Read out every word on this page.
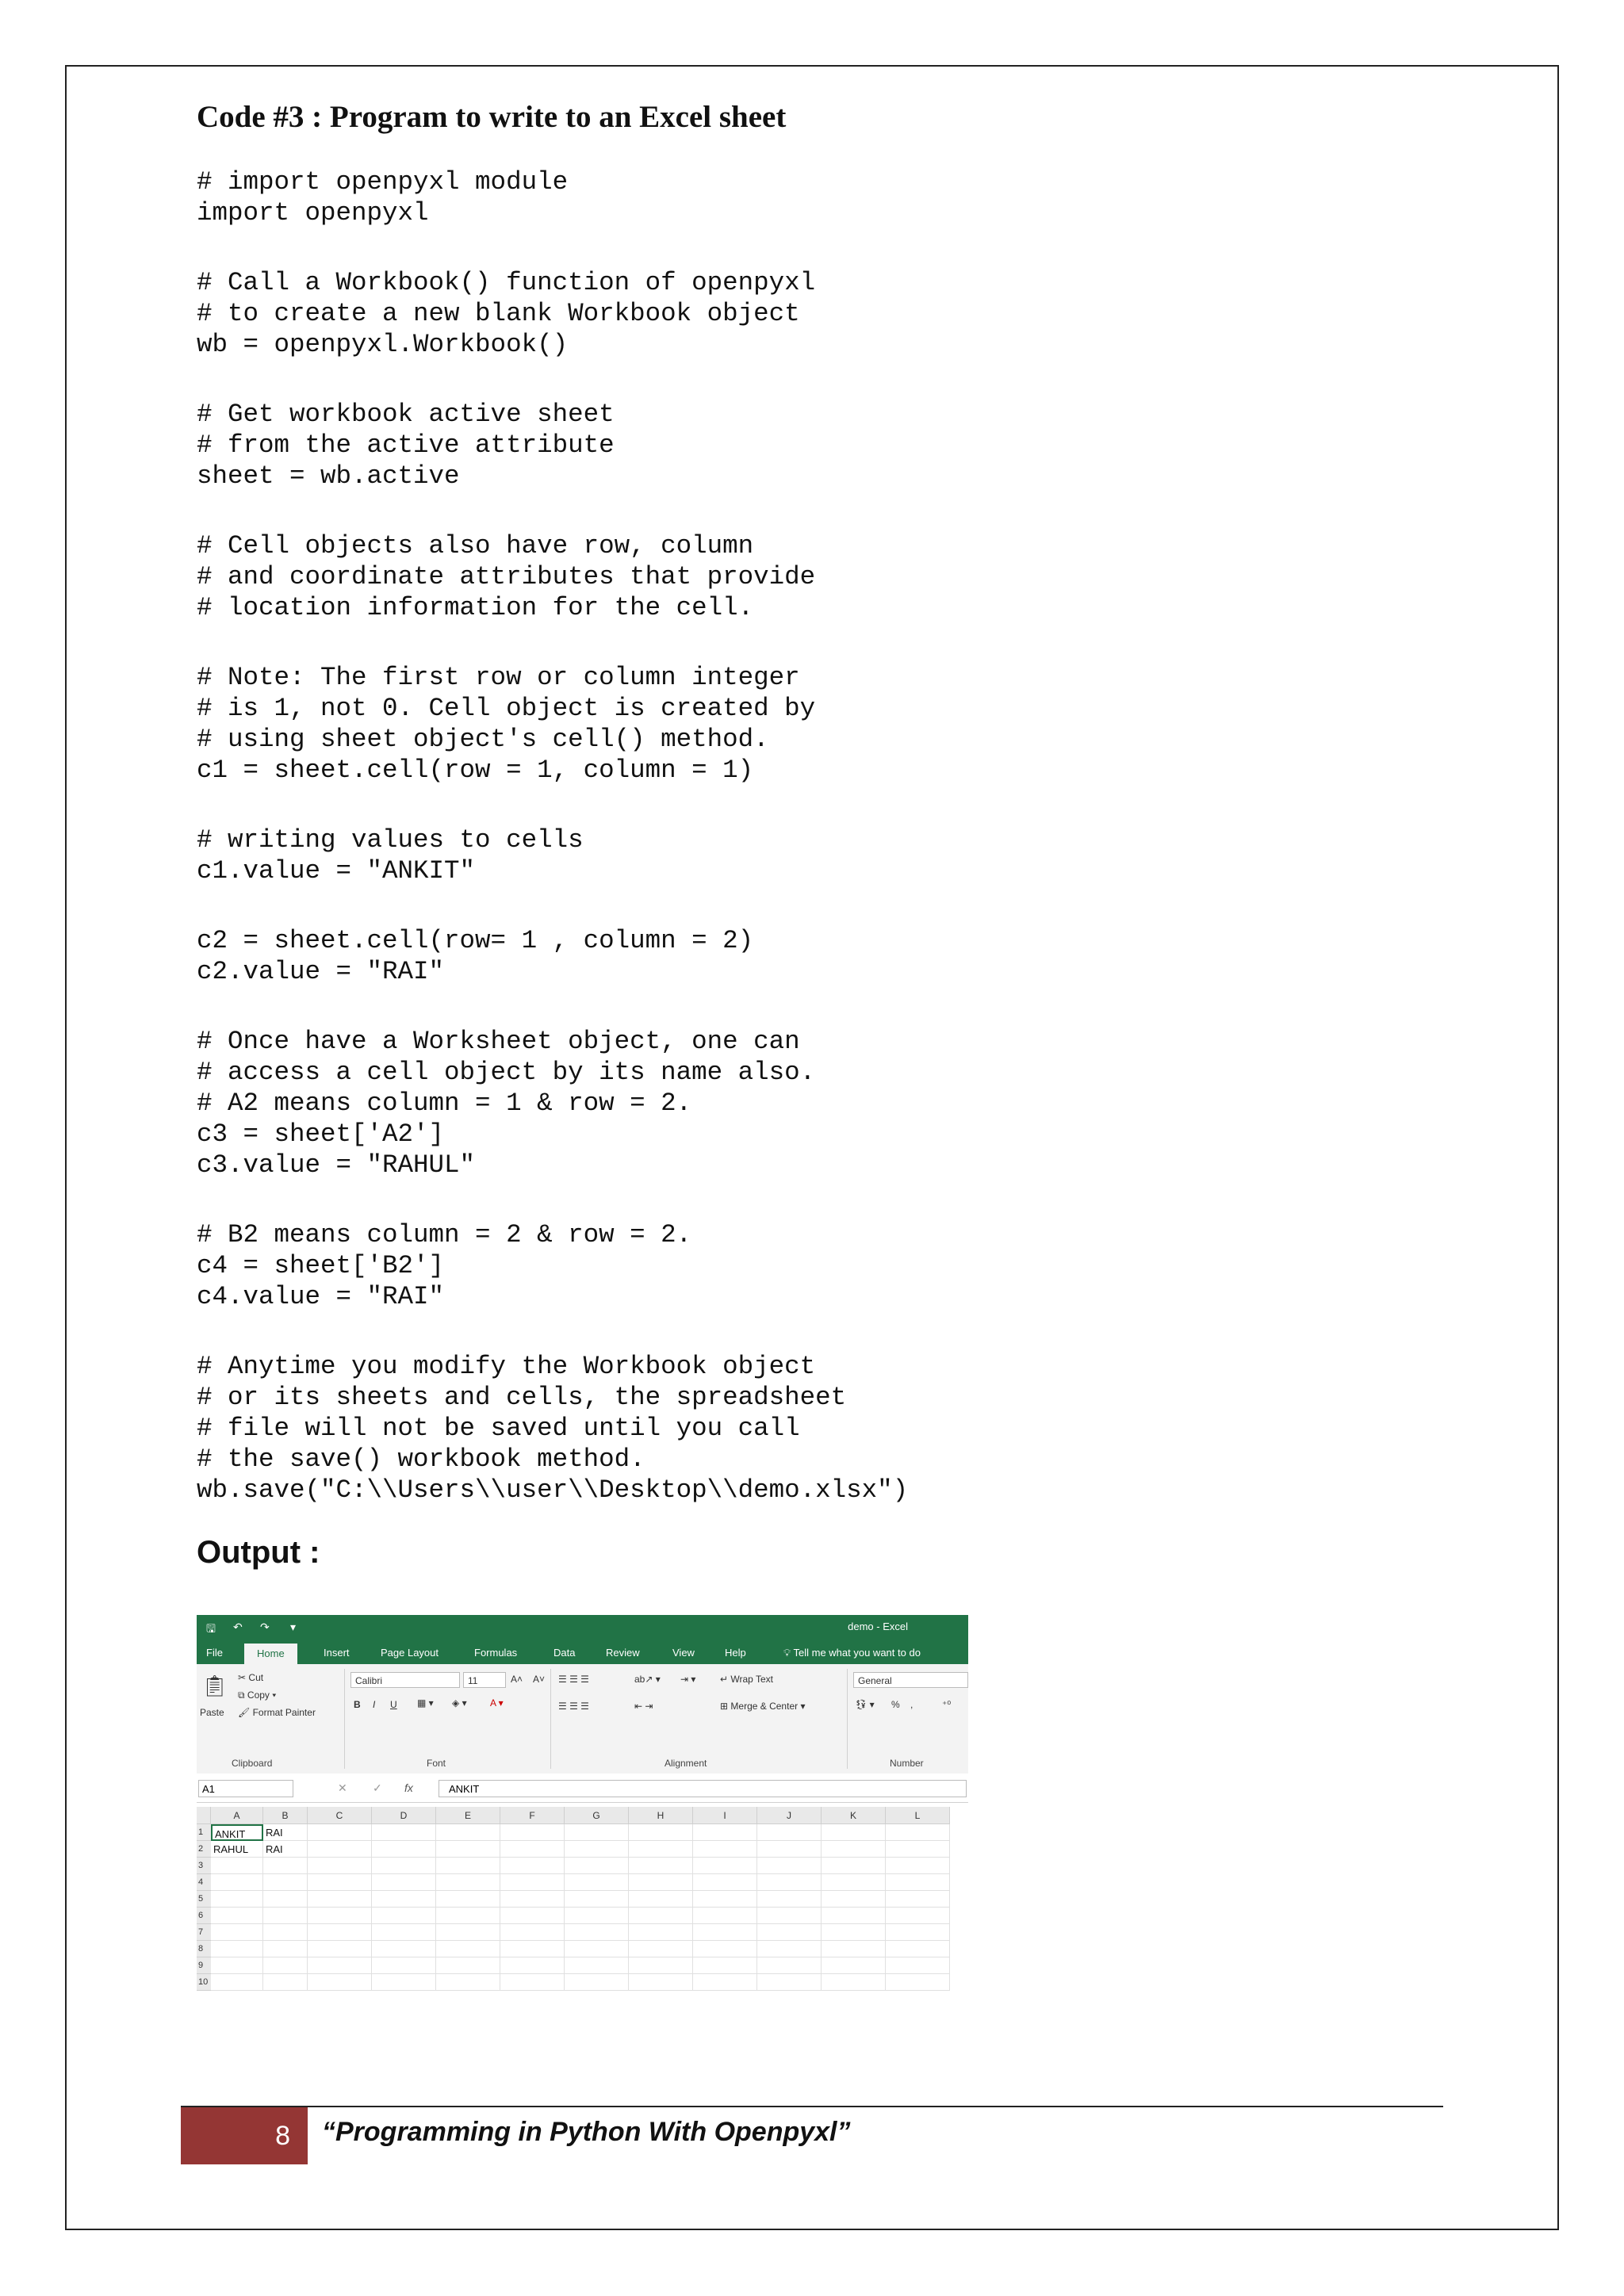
Code #3 : Program to write to an Excel sheet
# import openpyxl module
import openpyxl
# Call a Workbook() function of openpyxl
# to create a new blank Workbook object
wb = openpyxl.Workbook()
# Get workbook active sheet
# from the active attribute
sheet = wb.active
# Cell objects also have row, column
# and coordinate attributes that provide
# location information for the cell.
# Note: The first row or column integer
# is 1, not 0. Cell object is created by
# using sheet object's cell() method.
c1 = sheet.cell(row = 1, column = 1)
# writing values to cells
c1.value = "ANKIT"
c2 = sheet.cell(row= 1 , column = 2)
c2.value = "RAI"
# Once have a Worksheet object, one can
# access a cell object by its name also.
# A2 means column = 1 & row = 2.
c3 = sheet['A2']
c3.value = "RAHUL"
# B2 means column = 2 & row = 2.
c4 = sheet['B2']
c4.value = "RAI"
# Anytime you modify the Workbook object
# or its sheets and cells, the spreadsheet
# file will not be saved until you call
# the save() workbook method.
wb.save("C:\\Users\\user\\Desktop\\demo.xlsx")
Output :
🖫 ↶ ↷ ▾	demo - Excel
File	Home	Insert	Page Layout	Formulas	Data	Review	View	Help	💡︎ Tell me what you want to do
📋︎
Paste
✂ Cut
⧉ Copy ▾
🖌︎ Format Painter
Clipboard
Calibri	11	A˄ A˅
B I U ▦ ▾ ◈ ▾ A ▾
Font
☰ ☰ ☰	ab↗ ▾ ⇥ ▾
☰ ☰ ☰	⇤ ⇥
↵ Wrap Text
⊞ Merge & Center ▾
Alignment
General
💱︎ ▾ % ,	⁺⁰
Number
A1	✕ ✓ fx	ANKIT
A	B	C	D	E	F	G	H	I	J	K	L
1	ANKIT	RAI
2 RAHUL	RAI
3
4
5
6
7
8
9
10
8	“Programming in Python With Openpyxl”
